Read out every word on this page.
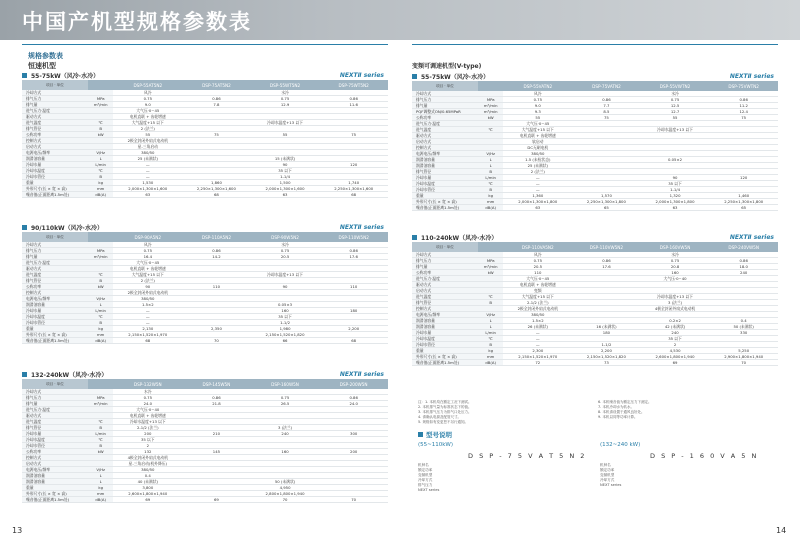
中国产机型规格参数表
规格参数表
恒速机型
55-75kW（风冷·水冷）	NEXTⅡ series
项目 · 单位		DSP-55AT5N2	DSP-75AT5N2	DSP-55WT5N2	DSP-75WT5N2
冷却方式		风冷		水冷	
排气压力	MPa	0.75	0.86	0.75	0.86
排气量	m³/min	9.0	7.8	12.9	11.6
进气压力·温度		大气压·0~45			
驱动方式		电机直联 + 齿轮增速			
进气温度	℃	大气温度+15 以下		冷却水温度+13 以下	
排气管径	B	2 (法兰)			
公称功率	kW	55	75	55	75
控制方式		2极全封闭外扇式电动机			
启动方式		星-三角启动			
电源电压/频率	V/Hz	380/50			
润滑油容量	L	25 (未满状)		15 (未满状)	
冷却水量	L/min	—		90	120
冷却水温度	℃	—		35 以下	
冷却水管径	B	—		1-1/4	
重量	kg	1,530	1,860	1,500	1,740
外形尺寸(长 × 宽 × 高)	mm	2,000×1,300×1,600	2,250×1,300×1,600	2,000×1,300×1,600	2,250×1,300×1,600
噪音值(正面距离1.5m处)	dB(A)	63	68	63	68
90/110kW（风冷·水冷）	NEXTⅡ series
项目 · 单位		DSP-90A5N2	DSP-110A5N2	DSP-90W5N2	DSP-110W5N2
冷却方式		风冷		水冷	
排气压力	MPa	0.75	0.86	0.75	0.86
排气量	m³/min	16.4	14.2	20.5	17.6
进气压力·温度		大气压·0~45			
驱动方式		电机直联 + 齿轮增速			
进气温度	℃	大气温度+15 以下		冷却水温度+13 以下	
排气管径	B	2 (法兰)			
公称功率	kW	90	110	90	110
控制方式		2极全封闭外扇式电动机			
电源电压/频率	V/Hz	380/50			
润滑油容量	L	1.5×2		0.05×3	
冷却水量	L/min	—		160	180
冷却水温度	℃	—		35 以下	
冷却水管径	B	—		1-1/2	
重量	kg	2,130	2,350	1,980	2,200
外形尺寸(长 × 宽 × 高)	mm	2,150×1,520×1,970		2,150×1,520×1,820	
噪音值(正面距离1.5m处)	dB(A)	68	70	66	68
132-240kW（风冷·水冷）	NEXTⅡ series
项目 · 单位		DSP-132W5N	DSP-145W5N	DSP-160W5N	DSP-200W5N
冷却方式		水冷			
排气压力	MPa	0.75	0.86	0.75	0.86
排气量	m³/min	24.0	21.8	26.5	24.0
进气压力·温度		大气压·0~40			
驱动方式		电机直联 + 齿轮增速			
进气温度	℃	冷却水温度+13 以下			
排气管径	B	2-1/2 (法兰)		3 (法兰)	
冷却水量	L/min	200	210	240	300
冷却水温度	℃	35 以下			
冷却水管径	B	2			
公称功率	kW	132	145	160	200
控制方式		4极全封闭外扇式电动机			
启动方式		星-三角启动(机外降压)			
电源电压/频率	V/Hz	380/50			
润滑油容量	L	0.4			
润滑油容量	L	40 (未满状)		50 (未满状)	
重量	kg	3,800		4,950	
外形尺寸(长 × 宽 × 高)	mm	2,600×1,800×1,940		2,800×1,800×1,940	
噪音值(正面距离1.5m处)	dB(A)	69	69	70	70
变频可调速机型(V-type)
55-75kW（风冷·水冷）	NEXTⅡ series
项目 · 单位		DSP-55VATN2	DSP-75VATN2	DSP-55VWTN2	DSP-75VWTN2
冷却方式		风冷		水冷	
排气压力	MPa	0.75	0.86	0.75	0.86
排气量	m³/min	9.0	7.7	12.5	11.2
PQF调整式ON/0.65MPaR	m³/min	9.3	8.5	12.7	12.4
公称功率	kW	55	75	55	75
进气压力·温度		大气压·0~45			
进气温度	℃	大气温度+15 以下		冷却水温度+13 以下	
驱动方式		电机直联 + 齿轮增速			
启动方式		软启动			
控制方式		DC无刷电机			
电源电压/频率	V/Hz	380/50			
润滑油容量	L	1.5 (未检状态)		0.05×2	
润滑油容量	L	25 (未满状)			
排气管径	B	2 (法兰)			
冷却水量	L/min	—		90	120
冷却水温度	℃	—		35 以下	
冷却水管径	B	—		1-1/4	
重量	kg	1,360	1,570	1,320	1,460
外形尺寸(长 × 宽 × 高)	mm	2,000×1,300×1,800	2,250×1,300×1,800	2,000×1,300×1,800	2,250×1,300×1,800
噪音值(正面距离1.5m处)	dB(A)	63	65	63	65
110-240kW（风冷·水冷）	NEXTⅡ series
项目 · 单位		DSP-110VA5N2	DSP-110VW5N2	DSP-160VW5N	DSP-240VW5N
冷却方式		风冷		水冷	
排气压力	MPa	0.75	0.86	0.75	0.86
排气量	m³/min	20.5	17.6	20.8	18.0
公称功率	kW	110		160	240
进气压力·温度		大气压·0~45		大气压·0~40	
驱动方式		电机直联 + 齿轮增速			
启动方式		变频			
进气温度	℃	大气温度+15 以下		冷却水温度+13 以下	
排气管径	B	2-1/2 (法兰)		3 (法兰)	
控制方式		2极全封闭外扇式电动机		4极全封闭外扇式电动机	
电源电压/频率	V/Hz	380/50			
润滑油容量	L	1.5×2		0.2×2	0.4
润滑油容量	L	26 (未满状)	16 (未满状)	42 (未满状)	50 (未满状)
冷却水量	L/min	—	180	240	330
冷却水温度	℃	—		35 以下	
冷却水管径	B	—	1-1/2	2	
重量	kg	2,300	2,200	4,530	5,250
外形尺寸(长 × 宽 × 高)	mm	2,150×1,520×1,970	2,150×1,520×1,820	2,600×1,800×1,940	2,900×1,800×1,940
噪音值(正面距离1.5m处)	dB(A)	72	73	69	70
注：1. 本机均在额定工况下测试。
2. 本机排气量为标准状态下的值。
3. 本机排气压力为排气口处压力。
4. 请确认电源及配管尺寸。
5. 规格如有变更恕不另行通知。
6. 本机噪音值为额定压力下测定。
7. 本机冷却水为软水。
8. 本机请设置于通风良好处。
9. 本机以同等功率计算。
型号说明
(55~110kW)
D S P - 7 5 V A T 5 N 2
机种名
额定功率
变频机型
冷却方式
排气压力
NEXT series
(132~240 kW)
D S P - 1 6 0 V A 5 N
机种名
额定功率
变频机型
冷却方式
NEXT series
13	14
